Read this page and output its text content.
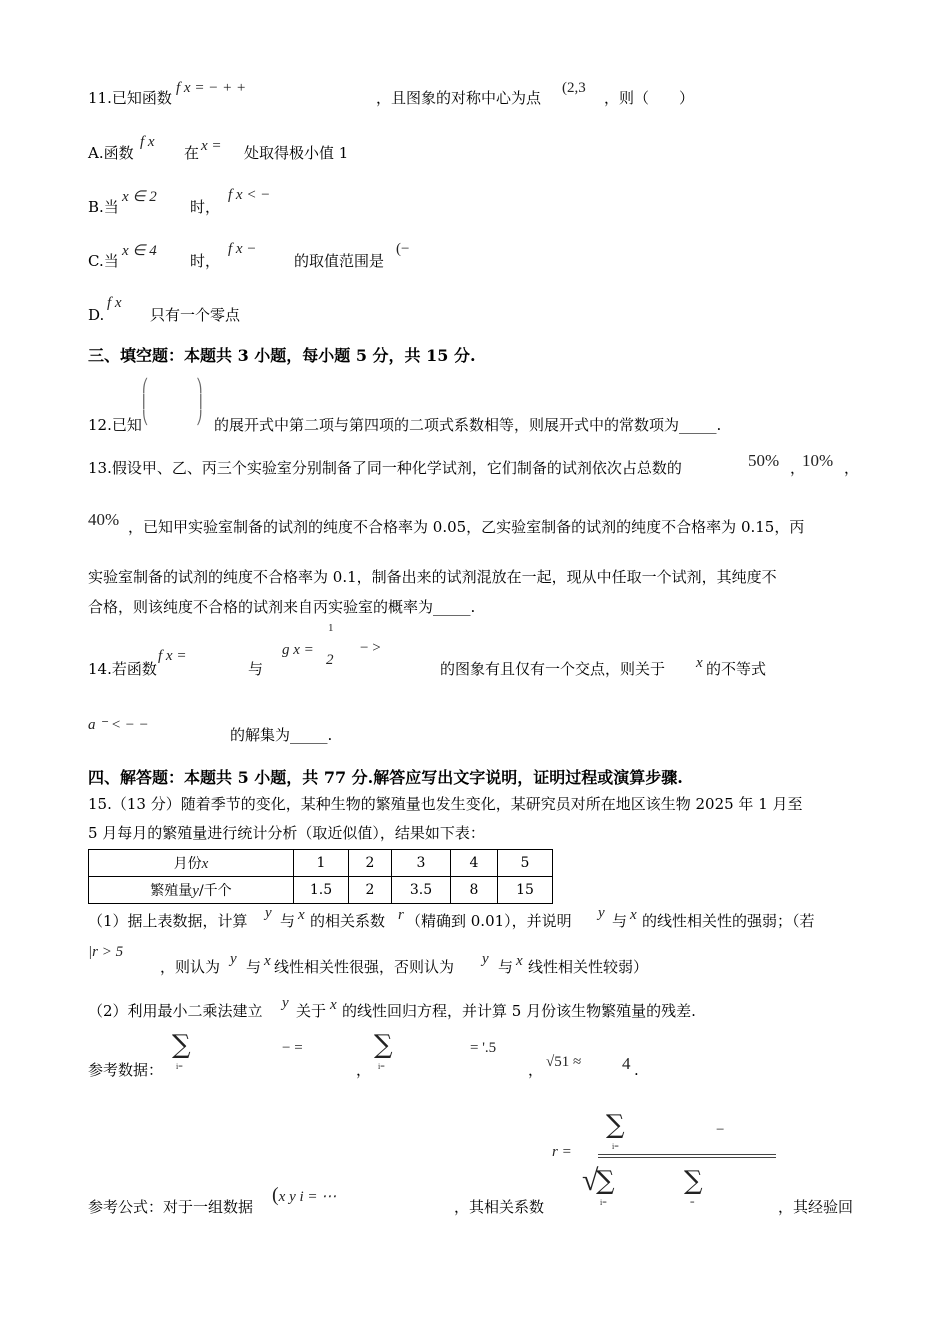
11.已知函数
f x = − + +
，且图象的对称中心为点
(2,3
，则（　　）
A.函数
f x
在 x = 处取得极小值 1
B.当
x ∈ 2
时，
f x < −
C.当
x ∈ 4
时，
f x −
的取值范围是
(−
D.
f x
只有一个零点
三、填空题：本题共 3 小题，每小题 5 分，共 15 分.
12.已知
⎛
⎜
⎝
⎞
⎟
⎠ 的展开式中第二项与第四项的二项式系数相等，则展开式中的常数项为_____.
13.假设甲、乙、丙三个实验室分别制备了同一种化学试剂，它们制备的试剂依次占总数的	50% ，
10% ，
40% ，已知甲实验室制备的试剂的纯度不合格率为 0.05，乙实验室制备的试剂的纯度不合格率为 0.15，丙
实验室制备的试剂的纯度不合格率为 0.1，制备出来的试剂混放在一起，现从中任取一个试剂，其纯度不
合格，则该纯度不合格的试剂来自丙实验室的概率为_____.
14.若函数
f x =
与
g x =
2
1
− >
的图象有且仅有一个交点，则关于 x 的不等式
a ⁻ < − −
的解集为_____.
四、解答题：本题共 5 小题，共 77 分.解答应写出文字说明，证明过程或演算步骤.
15.（13 分）随着季节的变化，某种生物的繁殖量也发生变化，某研究员对所在地区该生物 2025 年 1 月至
5 月每月的繁殖量进行统计分析（取近似值），结果如下表：
月份x	1	2	3	4	5
繁殖量y/千个	1.5	2	3.5	8	15
（1）据上表数据，计算 y 与 x 的相关系数 r （精确到 0.01），并说明 y 与 x 的线性相关性的强弱；（若
|r > 5
，则认为 y 与 x 线性相关性很强，否则认为 y 与 x 线性相关性较弱）
（2）利用最小二乘法建立 y 关于 x 的线性回归方程，并计算 5 月份该生物繁殖量的残差.
参考数据：
∑
i=
− =
，
∑
i=
= '.5
， √51 ≈ 4 .
r =
∑
i=
−
√
∑	∑
i=	=
参考公式：对于一组数据
(x y i = ⋯
，其相关系数	，其经验回
